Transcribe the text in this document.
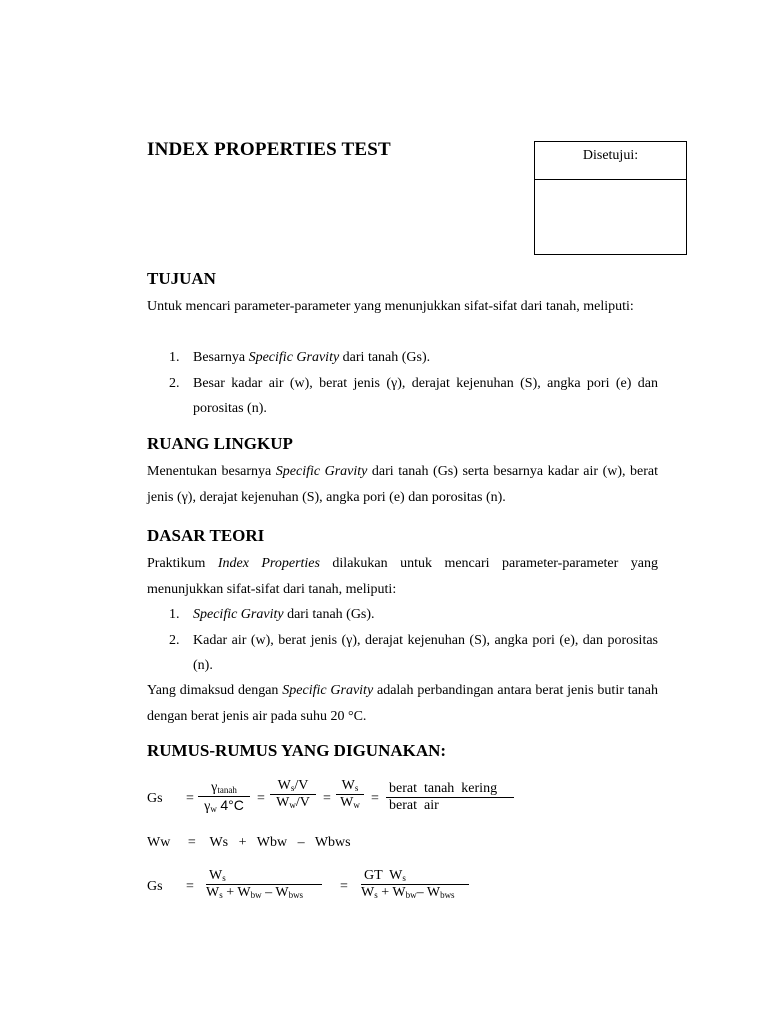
INDEX PROPERTIES TEST	Disetujui:
TUJUAN

Untuk mencari parameter-parameter yang menunjukkan sifat-sifat dari tanah, meliputi:

1. Besarnya Specific Gravity dari tanah (Gs).
2. Besar kadar air (w), berat jenis (γ), derajat kejenuhan (S), angka pori (e) dan porositas (n).
RUANG LINGKUP

Menentukan besarnya Specific Gravity dari tanah (Gs) serta besarnya kadar air (w), berat jenis (γ), derajat kejenuhan (S), angka pori (e) dan porositas (n).

DASAR TEORI

Praktikum Index Properties dilakukan untuk mencari parameter-parameter yang menunjukkan sifat-sifat dari tanah, meliputi:

1. Specific Gravity dari tanah (Gs).
2. Kadar air (w), berat jenis (γ), derajat kejenuhan (S), angka pori (e), dan porositas (n).

Yang dimaksud dengan Specific Gravity adalah perbandingan antara berat jenis butir tanah dengan berat jenis air pada suhu 20 °C.

RUMUS-RUMUS YANG DIGUNAKAN:
Gs =
$\gamma_{tanah}$
$\gamma_w$ 4°C =
$W_s/V$
$W_w/V$ =
$W_s$
$W_w$ =
berat  tanah  kering
berat  air
Ww     =    Ws   +   Wbw   –   Wbws
Gs =
$W_s$
$W_s + W_{bw} - W_{bws}$
=
GT  $W_s$
$W_s + W_{bw}-$ $W_{bws}$
